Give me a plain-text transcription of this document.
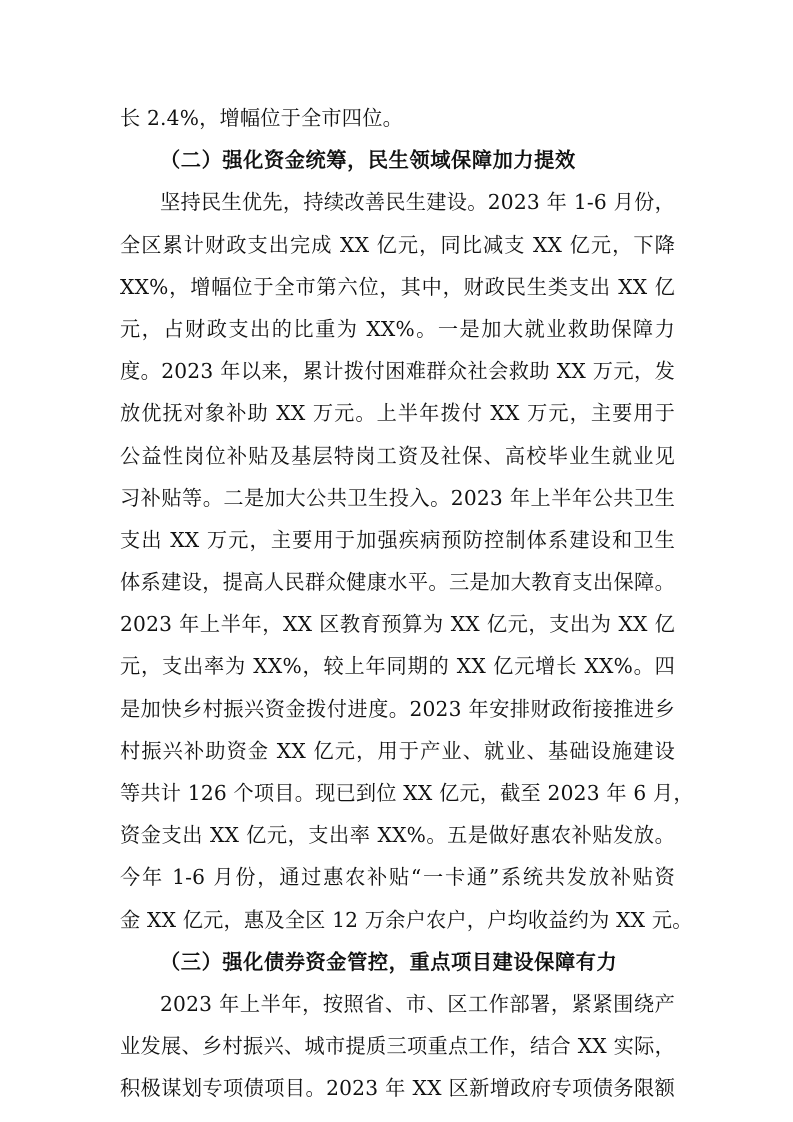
长 2.4%，增幅位于全市四位。
（二）强化资金统筹，民生领域保障加力提效
坚持民生优先，持续改善民生建设。2023 年 1-6 月份，
全区累计财政支出完成 XX 亿元，同比减支 XX 亿元，下降
XX%，增幅位于全市第六位，其中，财政民生类支出 XX 亿
元，占财政支出的比重为 XX%。一是加大就业救助保障力
度。2023 年以来，累计拨付困难群众社会救助 XX 万元，发
放优抚对象补助 XX 万元。上半年拨付 XX 万元，主要用于
公益性岗位补贴及基层特岗工资及社保、高校毕业生就业见
习补贴等。二是加大公共卫生投入。2023 年上半年公共卫生
支出 XX 万元，主要用于加强疾病预防控制体系建设和卫生
体系建设，提高人民群众健康水平。三是加大教育支出保障。
2023 年上半年，XX 区教育预算为 XX 亿元，支出为 XX 亿
元，支出率为 XX%，较上年同期的 XX 亿元增长 XX%。四
是加快乡村振兴资金拨付进度。2023 年安排财政衔接推进乡
村振兴补助资金 XX 亿元，用于产业、就业、基础设施建设
等共计 126 个项目。现已到位 XX 亿元，截至 2023 年 6 月，
资金支出 XX 亿元，支出率 XX%。五是做好惠农补贴发放。
今年 1-6 月份，通过惠农补贴“一卡通”系统共发放补贴资
金 XX 亿元，惠及全区 12 万余户农户，户均收益约为 XX 元。
（三）强化债券资金管控，重点项目建设保障有力
2023 年上半年，按照省、市、区工作部署，紧紧围绕产
业发展、乡村振兴、城市提质三项重点工作，结合 XX 实际，
积极谋划专项债项目。2023 年 XX 区新增政府专项债务限额
